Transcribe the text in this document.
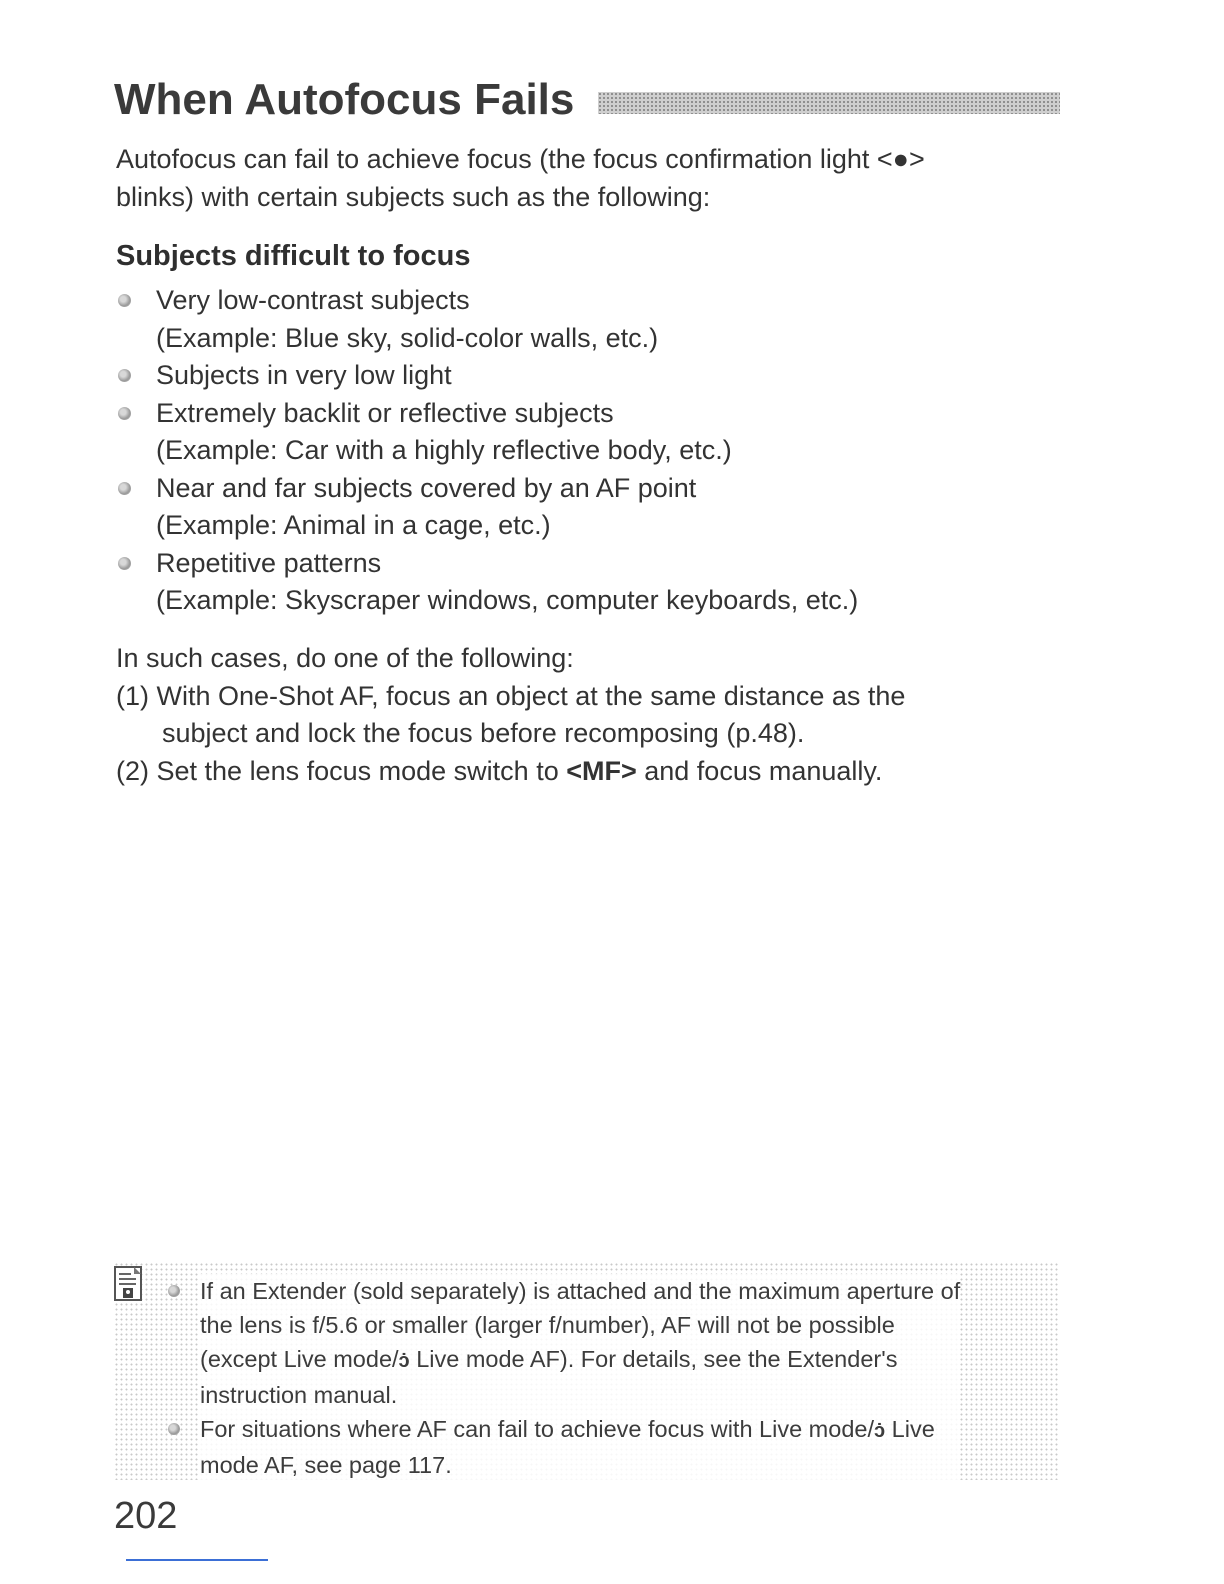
When Autofocus Fails
Autofocus can fail to achieve focus (the focus confirmation light <●>
blinks) with certain subjects such as the following:
Subjects difficult to focus
Very low-contrast subjects
(Example: Blue sky, solid-color walls, etc.)
Subjects in very low light
Extremely backlit or reflective subjects
(Example: Car with a highly reflective body, etc.)
Near and far subjects covered by an AF point
(Example: Animal in a cage, etc.)
Repetitive patterns
(Example: Skyscraper windows, computer keyboards, etc.)
In such cases, do one of the following:
(1) With One-Shot AF, focus an object at the same distance as the
subject and lock the focus before recomposing (p.48).
(2) Set the lens focus mode switch to <MF> and focus manually.
If an Extender (sold separately) is attached and the maximum aperture of
the lens is f/5.6 or smaller (larger f/number), AF will not be possible
(except Live mode/ɔ̇ Live mode AF). For details, see the Extender's
instruction manual.
For situations where AF can fail to achieve focus with Live mode/ɔ̇ Live
mode AF, see page 117.
202
